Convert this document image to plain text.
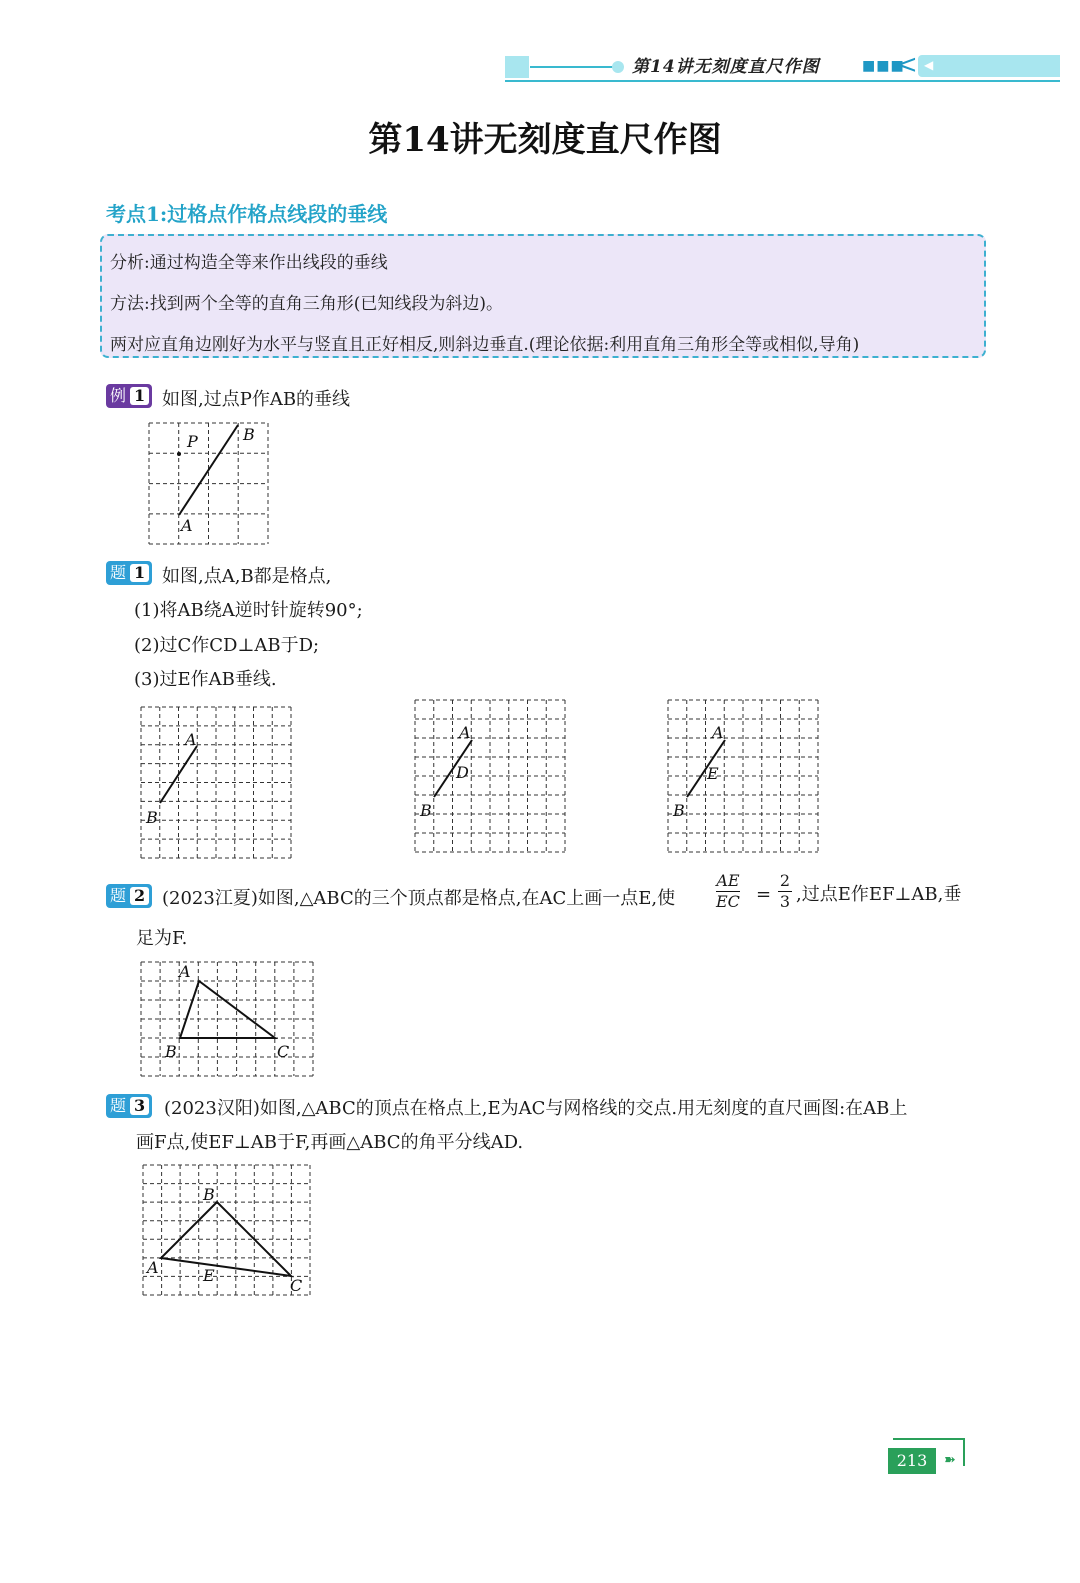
第14讲无刻度直尺作图	■■■
< ◀
第14讲无刻度直尺作图
考点1:过格点作格点线段的垂线
分析:通过构造全等来作出线段的垂线
方法:找到两个全等的直角三角形(已知线段为斜边)。
两对应直角边刚好为水平与竖直且正好相反,则斜边垂直.(理论依据:利用直角三角形全等或相似,导角)
例 1 如图,过点P作AB的垂线
P	B
A
题 1 如图,点A,B都是格点,
(1)将AB绕A逆时针旋转90°;
(2)过C作CD⊥AB于D;
(3)过E作AB垂线.
A
B
A
D
B
A
E
B
题 2 (2023江夏)如图,△ABC的三个顶点都是格点,在AC上画一点E,使
AE
EC =
2
3 ,过点E作EF⊥AB,垂
足为F.
A
B	C
题 3 (2023汉阳)如图,△ABC的顶点在格点上,E为AC与网格线的交点.用无刻度的直尺画图:在AB上
画F点,使EF⊥AB于F,再画△ABC的角平分线AD.
B
A	E
C
213	➽
